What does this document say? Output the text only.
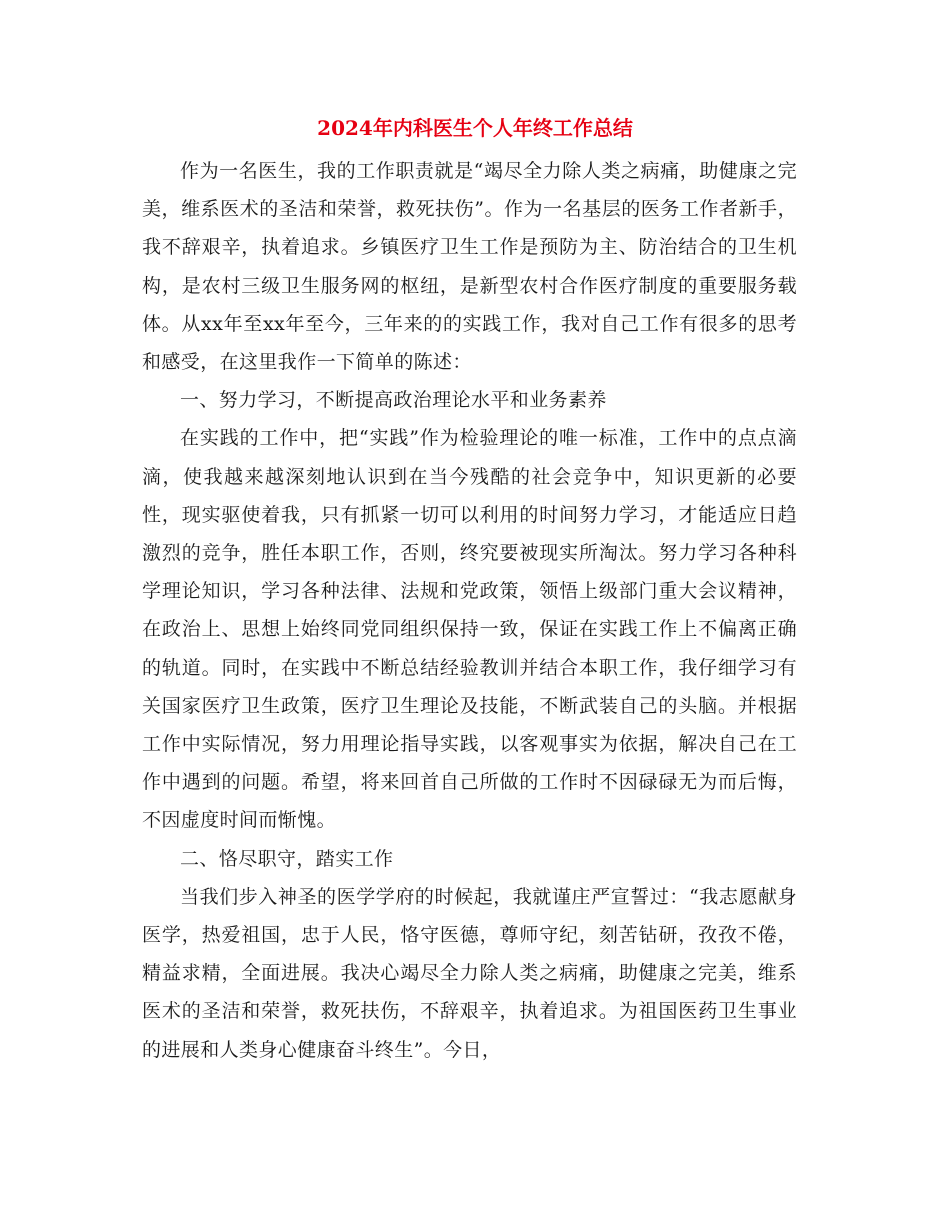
2024年内科医生个人年终工作总结

作为一名医生，我的工作职责就是“竭尽全力除人类之病痛，助健康之完美，维系医术的圣洁和荣誉，救死扶伤”。作为一名基层的医务工作者新手，我不辞艰辛，执着追求。乡镇医疗卫生工作是预防为主、防治结合的卫生机构，是农村三级卫生服务网的枢纽，是新型农村合作医疗制度的重要服务载体。从xx年至xx年至今，三年来的的实践工作，我对自己工作有很多的思考和感受，在这里我作一下简单的陈述：

一、努力学习，不断提高政治理论水平和业务素养

在实践的工作中，把“实践”作为检验理论的唯一标准，工作中的点点滴滴，使我越来越深刻地认识到在当今残酷的社会竞争中，知识更新的必要性，现实驱使着我，只有抓紧一切可以利用的时间努力学习，才能适应日趋激烈的竞争，胜任本职工作，否则，终究要被现实所淘汰。努力学习各种科学理论知识，学习各种法律、法规和党政策，领悟上级部门重大会议精神，在政治上、思想上始终同党同组织保持一致，保证在实践工作上不偏离正确的轨道。同时，在实践中不断总结经验教训并结合本职工作，我仔细学习有关国家医疗卫生政策，医疗卫生理论及技能，不断武装自己的头脑。并根据工作中实际情况，努力用理论指导实践，以客观事实为依据，解决自己在工作中遇到的问题。希望，将来回首自己所做的工作时不因碌碌无为而后悔，不因虚度时间而惭愧。

二、恪尽职守，踏实工作

当我们步入神圣的医学学府的时候起，我就谨庄严宣誓过：“我志愿献身医学，热爱祖国，忠于人民，恪守医德，尊师守纪，刻苦钻研，孜孜不倦，精益求精，全面进展。我决心竭尽全力除人类之病痛，助健康之完美，维系医术的圣洁和荣誉，救死扶伤，不辞艰辛，执着追求。为祖国医药卫生事业的进展和人类身心健康奋斗终生”。今日，
